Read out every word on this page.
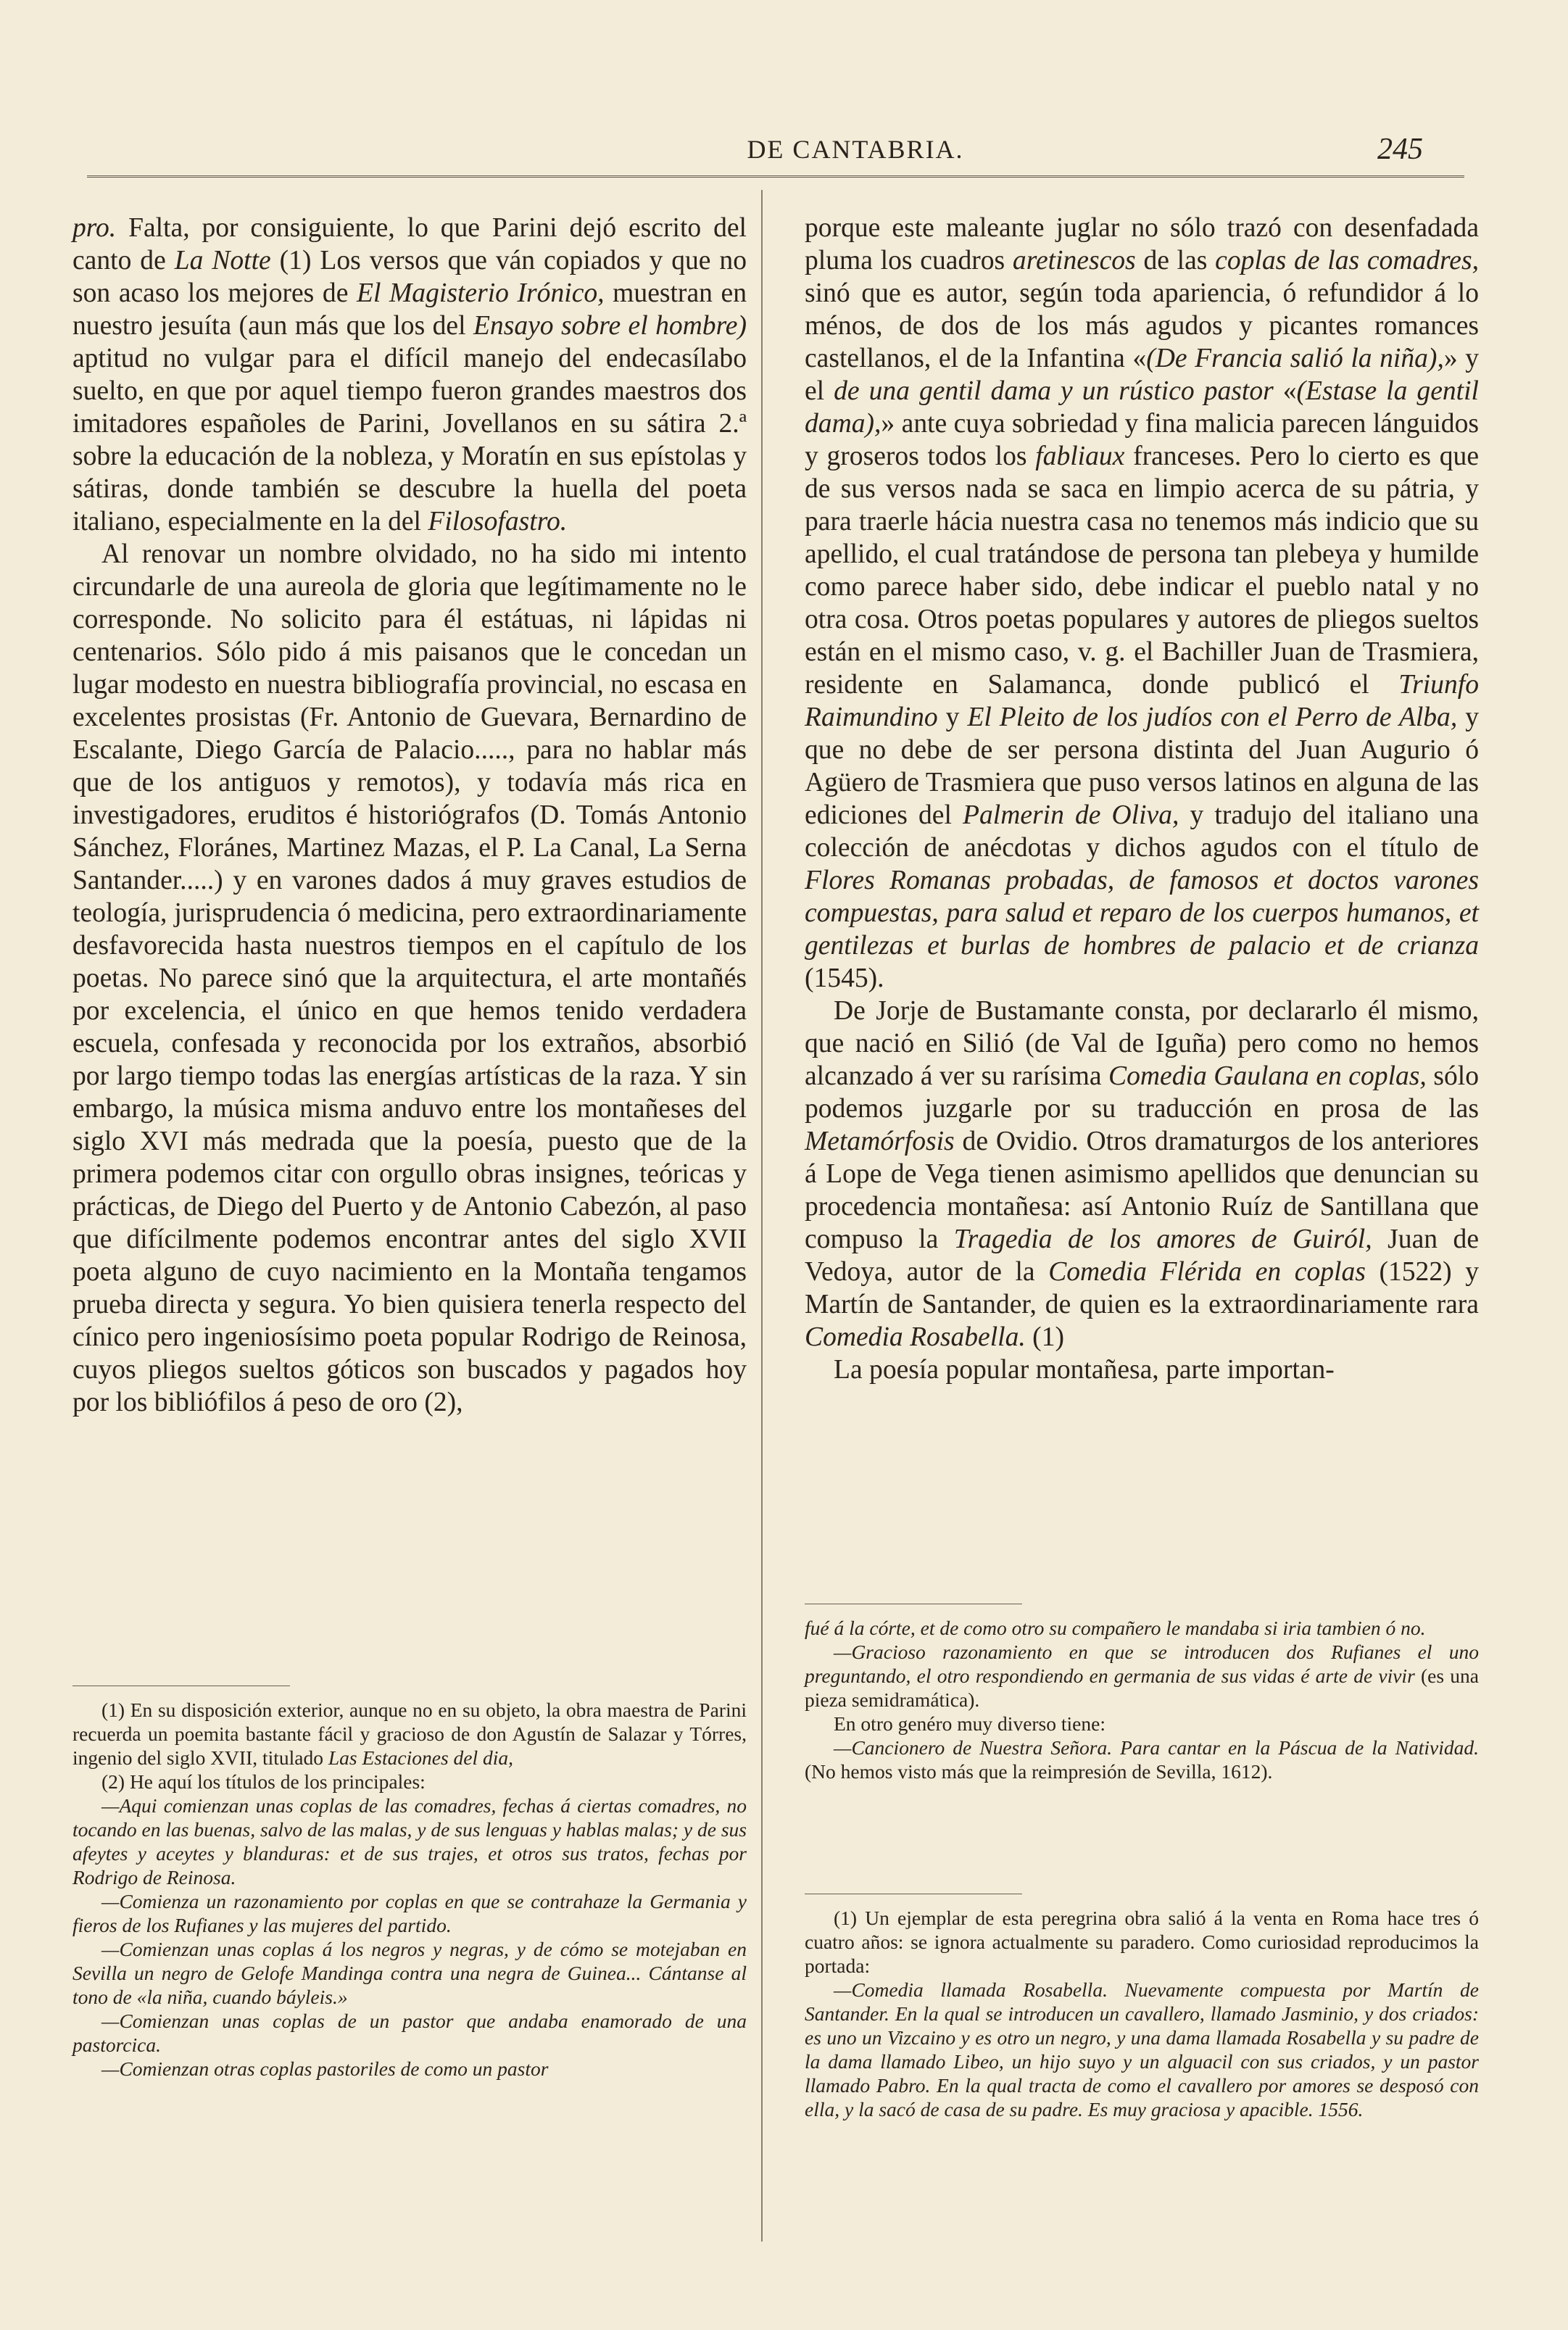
DE CANTABRIA.	245

pro. Falta, por consiguiente, lo que Parini dejó escrito del canto de La Notte (1) Los versos que ván copiados y que no son acaso los mejores de El Magisterio Irónico, muestran en nuestro jesuíta (aun más que los del Ensayo sobre el hombre) aptitud no vulgar para el difícil manejo del endecasílabo suelto, en que por aquel tiempo fueron grandes maestros dos imitadores españoles de Parini, Jovellanos en su sátira 2.ª sobre la educación de la nobleza, y Moratín en sus epístolas y sátiras, donde también se descubre la huella del poeta italiano, especialmente en la del Filosofastro.

Al renovar un nombre olvidado, no ha sido mi intento circundarle de una aureola de gloria que legítimamente no le corresponde. No solicito para él estátuas, ni lápidas ni centenarios. Sólo pido á mis paisanos que le concedan un lugar modesto en nuestra bibliografía provincial, no escasa en excelentes prosistas (Fr. Antonio de Guevara, Bernardino de Escalante, Diego García de Palacio....., para no hablar más que de los antiguos y remotos), y todavía más rica en investigadores, eruditos é historiógrafos (D. Tomás Antonio Sánchez, Floránes, Martinez Mazas, el P. La Canal, La Serna Santander.....) y en varones dados á muy graves estudios de teología, jurisprudencia ó medicina, pero extraordinariamente desfavorecida hasta nuestros tiempos en el capítulo de los poetas. No parece sinó que la arquitectura, el arte montañés por excelencia, el único en que hemos tenido verdadera escuela, confesada y reconocida por los extraños, absorbió por largo tiempo todas las energías artísticas de la raza. Y sin embargo, la música misma anduvo entre los montañeses del siglo XVI más medrada que la poesía, puesto que de la primera podemos citar con orgullo obras insignes, teóricas y prácticas, de Diego del Puerto y de Antonio Cabezón, al paso que difícilmente podemos encontrar antes del siglo XVII poeta alguno de cuyo nacimiento en la Montaña tengamos prueba directa y segura. Yo bien quisiera tenerla respecto del cínico pero ingeniosísimo poeta popular Rodrigo de Reinosa, cuyos pliegos sueltos góticos son buscados y pagados hoy por los bibliófilos á peso de oro (2),

porque este maleante juglar no sólo trazó con desenfadada pluma los cuadros aretinescos de las coplas de las comadres, sinó que es autor, según toda apariencia, ó refundidor á lo ménos, de dos de los más agudos y picantes romances castellanos, el de la Infantina «(De Francia salió la niña),» y el de una gentil dama y un rústico pastor «(Estase la gentil dama),» ante cuya sobriedad y fina malicia parecen lánguidos y groseros todos los fabliaux franceses. Pero lo cierto es que de sus versos nada se saca en limpio acerca de su pátria, y para traerle hácia nuestra casa no tenemos más indicio que su apellido, el cual tratándose de persona tan plebeya y humilde como parece haber sido, debe indicar el pueblo natal y no otra cosa. Otros poetas populares y autores de pliegos sueltos están en el mismo caso, v. g. el Bachiller Juan de Trasmiera, residente en Salamanca, donde publicó el Triunfo Raimundino y El Pleito de los judíos con el Perro de Alba, y que no debe de ser persona distinta del Juan Augurio ó Agüero de Trasmiera que puso versos latinos en alguna de las ediciones del Palmerin de Oliva, y tradujo del italiano una colección de anécdotas y dichos agudos con el título de Flores Romanas probadas, de famosos et doctos varones compuestas, para salud et reparo de los cuerpos humanos, et gentilezas et burlas de hombres de palacio et de crianza (1545).

De Jorje de Bustamante consta, por declararlo él mismo, que nació en Silió (de Val de Iguña) pero como no hemos alcanzado á ver su rarísima Comedia Gaulana en coplas, sólo podemos juzgarle por su traducción en prosa de las Metamórfosis de Ovidio. Otros dramaturgos de los anteriores á Lope de Vega tienen asimismo apellidos que denuncian su procedencia montañesa: así Antonio Ruíz de Santillana que compuso la Tragedia de los amores de Guiról, Juan de Vedoya, autor de la Comedia Flérida en coplas (1522) y Martín de Santander, de quien es la extraordinariamente rara Comedia Rosabella. (1)

La poesía popular montañesa, parte importan-

(1) En su disposición exterior, aunque no en su objeto, la obra maestra de Parini recuerda un poemita bastante fácil y gracioso de don Agustín de Salazar y Tórres, ingenio del siglo XVII, titulado Las Estaciones del dia,

(2) He aquí los títulos de los principales:

—Aqui comienzan unas coplas de las comadres, fechas á ciertas comadres, no tocando en las buenas, salvo de las malas, y de sus lenguas y hablas malas; y de sus afeytes y aceytes y blanduras: et de sus trajes, et otros sus tratos, fechas por Rodrigo de Reinosa.

—Comienza un razonamiento por coplas en que se contrahaze la Germania y fieros de los Rufianes y las mujeres del partido.

—Comienzan unas coplas á los negros y negras, y de cómo se motejaban en Sevilla un negro de Gelofe Mandinga contra una negra de Guinea... Cántanse al tono de «la niña, cuando báyleis.»

—Comienzan unas coplas de un pastor que andaba enamorado de una pastorcica.

—Comienzan otras coplas pastoriles de como un pastor

fué á la córte, et de como otro su compañero le mandaba si iria tambien ó no.

—Gracioso razonamiento en que se introducen dos Rufianes el uno preguntando, el otro respondiendo en germania de sus vidas é arte de vivir (es una pieza semidramática).

En otro genéro muy diverso tiene:

—Cancionero de Nuestra Señora. Para cantar en la Páscua de la Natividad. (No hemos visto más que la reimpresión de Sevilla, 1612).

(1) Un ejemplar de esta peregrina obra salió á la venta en Roma hace tres ó cuatro años: se ignora actualmente su paradero. Como curiosidad reproducimos la portada:

—Comedia llamada Rosabella. Nuevamente compuesta por Martín de Santander. En la qual se introducen un cavallero, llamado Jasminio, y dos criados: es uno un Vizcaino y es otro un negro, y una dama llamada Rosabella y su padre de la dama llamado Libeo, un hijo suyo y un alguacil con sus criados, y un pastor llamado Pabro. En la qual tracta de como el cavallero por amores se desposó con ella, y la sacó de casa de su padre. Es muy graciosa y apacible. 1556.
